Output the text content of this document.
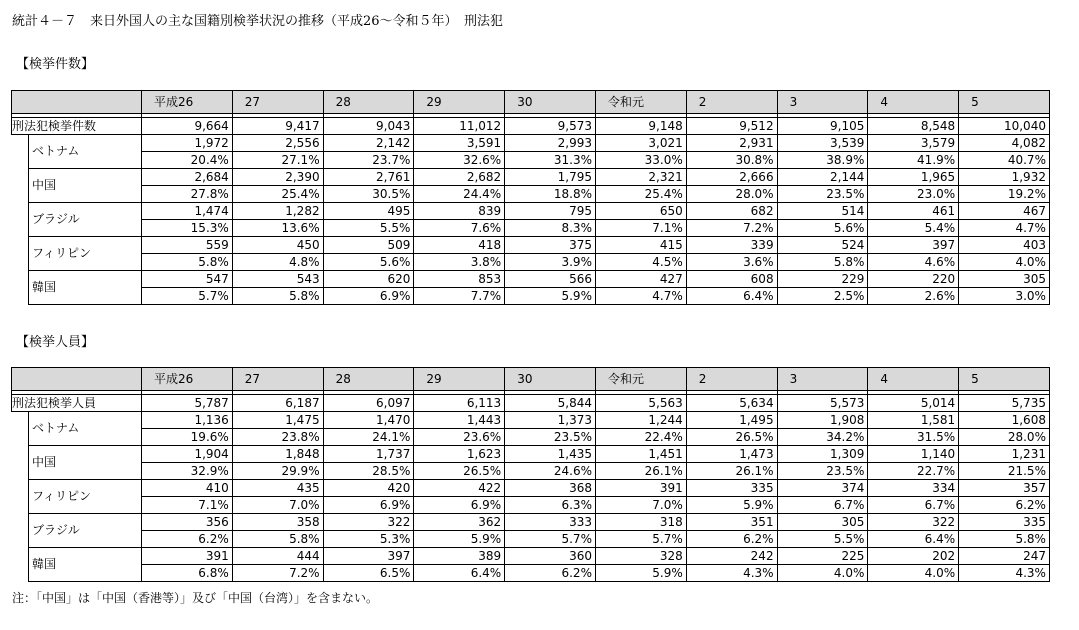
統計４－７　来日外国人の主な国籍別検挙状況の推移（平成26～令和５年）　刑法犯
【検挙件数】
		平成26	27	28	29	30	令和元	2	3	4	5

刑法犯検挙件数		9,664	9,417	9,043	11,012	9,573	9,148	9,512	9,105	8,548	10,040
	ベトナム	1,972	2,556	2,142	3,591	2,993	3,021	2,931	3,539	3,579	4,082
		20.4%	27.1%	23.7%	32.6%	31.3%	33.0%	30.8%	38.9%	41.9%	40.7%
	中国	2,684	2,390	2,761	2,682	1,795	2,321	2,666	2,144	1,965	1,932
		27.8%	25.4%	30.5%	24.4%	18.8%	25.4%	28.0%	23.5%	23.0%	19.2%
	ブラジル	1,474	1,282	495	839	795	650	682	514	461	467
		15.3%	13.6%	5.5%	7.6%	8.3%	7.1%	7.2%	5.6%	5.4%	4.7%
	フィリピン	559	450	509	418	375	415	339	524	397	403
		5.8%	4.8%	5.6%	3.8%	3.9%	4.5%	3.6%	5.8%	4.6%	4.0%
	韓国	547	543	620	853	566	427	608	229	220	305
		5.7%	5.8%	6.9%	7.7%	5.9%	4.7%	6.4%	2.5%	2.6%	3.0%
【検挙人員】
		平成26	27	28	29	30	令和元	2	3	4	5

刑法犯検挙人員		5,787	6,187	6,097	6,113	5,844	5,563	5,634	5,573	5,014	5,735
	ベトナム	1,136	1,475	1,470	1,443	1,373	1,244	1,495	1,908	1,581	1,608
		19.6%	23.8%	24.1%	23.6%	23.5%	22.4%	26.5%	34.2%	31.5%	28.0%
	中国	1,904	1,848	1,737	1,623	1,435	1,451	1,473	1,309	1,140	1,231
		32.9%	29.9%	28.5%	26.5%	24.6%	26.1%	26.1%	23.5%	22.7%	21.5%
	フィリピン	410	435	420	422	368	391	335	374	334	357
		7.1%	7.0%	6.9%	6.9%	6.3%	7.0%	5.9%	6.7%	6.7%	6.2%
	ブラジル	356	358	322	362	333	318	351	305	322	335
		6.2%	5.8%	5.3%	5.9%	5.7%	5.7%	6.2%	5.5%	6.4%	5.8%
	韓国	391	444	397	389	360	328	242	225	202	247
		6.8%	7.2%	6.5%	6.4%	6.2%	5.9%	4.3%	4.0%	4.0%	4.3%
注：「中国」は「中国（香港等）」及び「中国（台湾）」を含まない。
